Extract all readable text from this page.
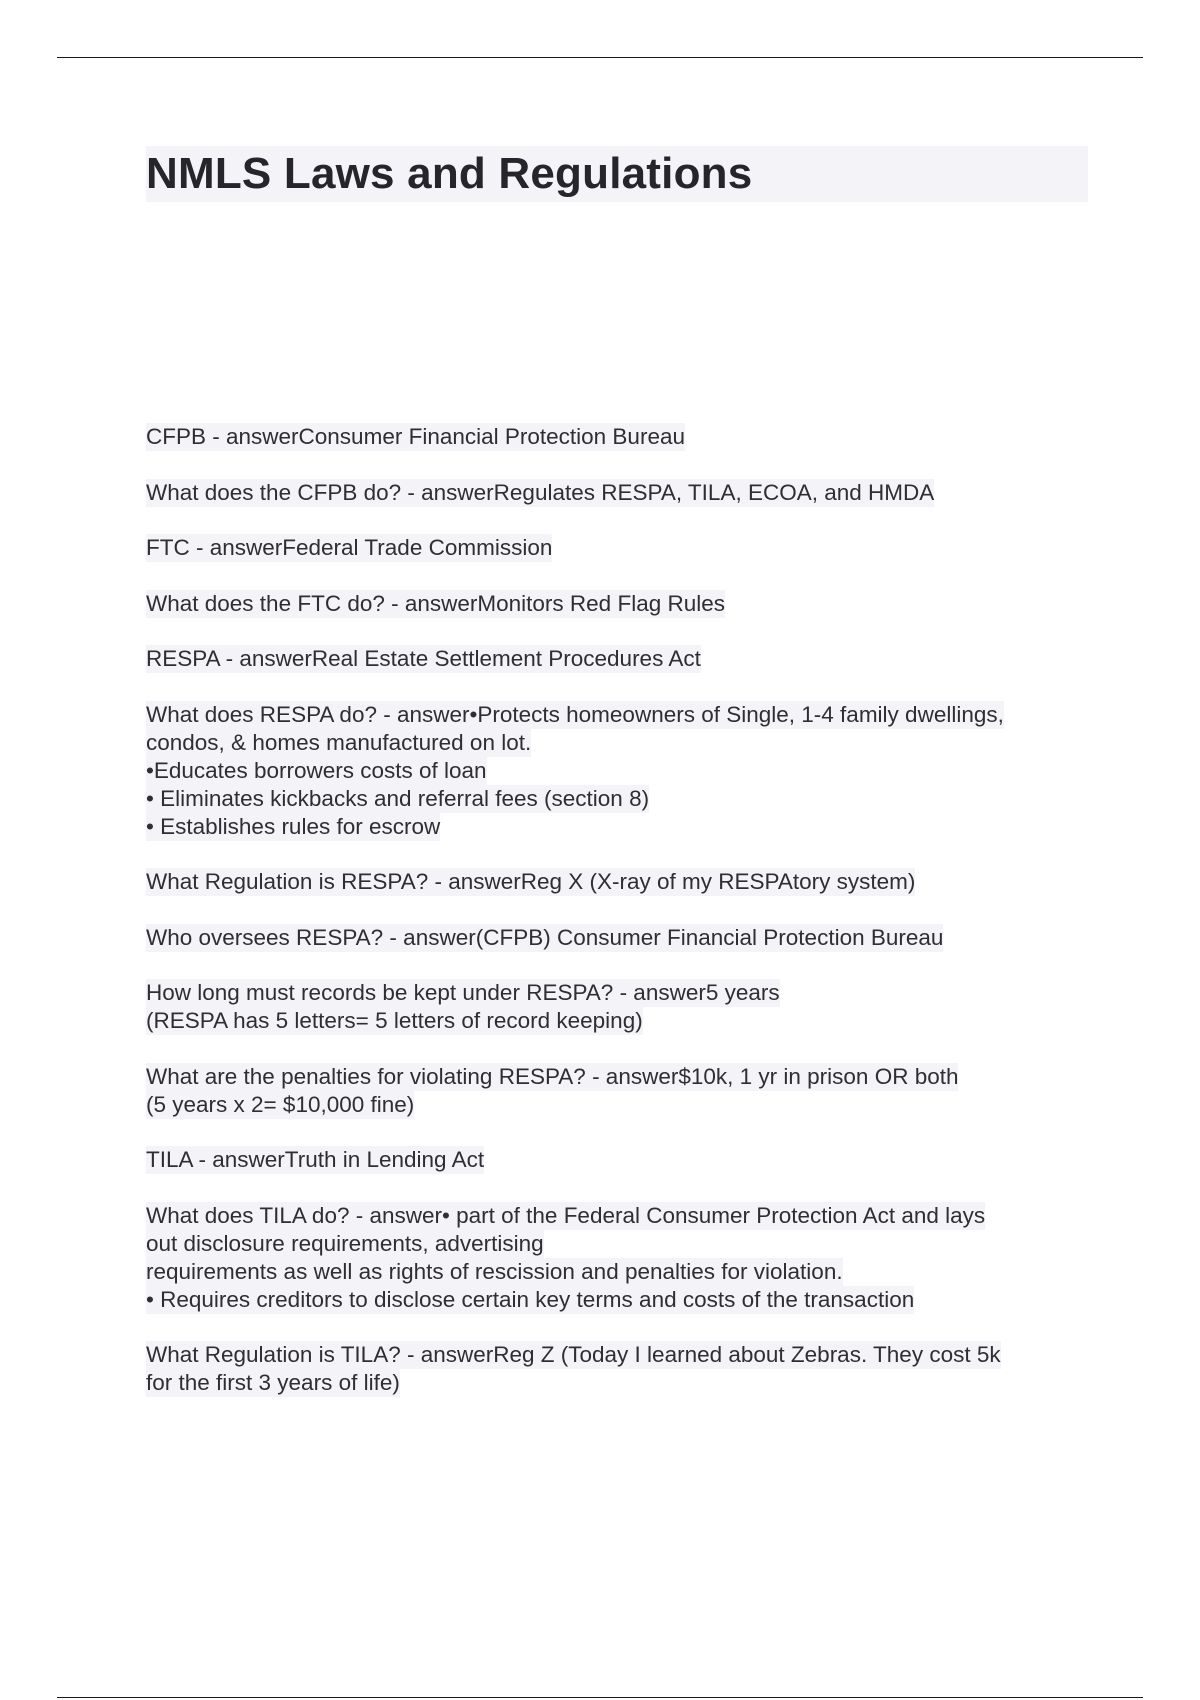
NMLS Laws and Regulations
CFPB - answerConsumer Financial Protection Bureau
What does the CFPB do? - answerRegulates RESPA, TILA, ECOA, and HMDA
FTC - answerFederal Trade Commission
What does the FTC do? - answerMonitors Red Flag Rules
RESPA - answerReal Estate Settlement Procedures Act
What does RESPA do? - answer•Protects homeowners of Single, 1-4 family dwellings,
condos, & homes manufactured on lot.
•Educates borrowers costs of loan
• Eliminates kickbacks and referral fees (section 8)
• Establishes rules for escrow
What Regulation is RESPA? - answerReg X (X-ray of my RESPAtory system)
Who oversees RESPA? - answer(CFPB) Consumer Financial Protection Bureau
How long must records be kept under RESPA? - answer5 years
(RESPA has 5 letters= 5 letters of record keeping)
What are the penalties for violating RESPA? - answer$10k, 1 yr in prison OR both
(5 years x 2= $10,000 fine)
TILA - answerTruth in Lending Act
What does TILA do? - answer• part of the Federal Consumer Protection Act and lays
out disclosure requirements, advertising
requirements as well as rights of rescission and penalties for violation.
• Requires creditors to disclose certain key terms and costs of the transaction
What Regulation is TILA? - answerReg Z (Today I learned about Zebras. They cost 5k
for the first 3 years of life)
